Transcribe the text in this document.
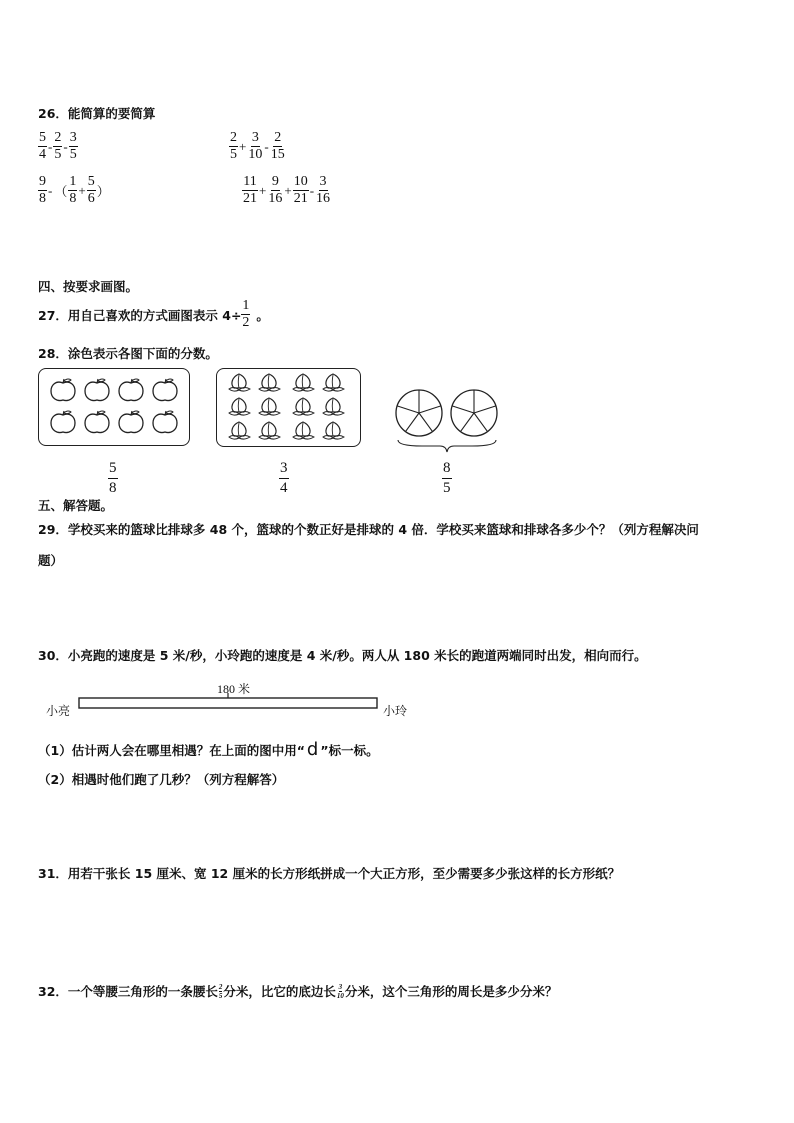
26．能简算的要简算
$\frac{5}{4} - \frac{2}{5} - \frac{3}{5}$	$\frac{2}{5} + \frac{3}{10} - \frac{2}{15}$
$\frac{9}{8}$ - （ $\frac{1}{8} + \frac{5}{6}$ ）	$\frac{11}{21} + \frac{9}{16} + \frac{10}{21} - \frac{3}{16}$
四、按要求画图。
27．用自己喜欢的方式画图表示 $4\div \frac{1}{2}$ 。
28．涂色表示各图下面的分数。
$\frac{5}{8}$	$\frac{3}{4}$	$\frac{8}{5}$
五、解答题。
29．学校买来的篮球比排球多 48 个，篮球的个数正好是排球的 4 倍．学校买来篮球和排球各多少个？（列方程解决问
题）
30．小亮跑的速度是 5 米/秒，小玲跑的速度是 4 米/秒。两人从 180 米长的跑道两端同时出发，相向而行。
180 米
小亮	小玲
（1）估计两人会在哪里相遇？在上面的图中用“ d ”标一标。
（2）相遇时他们跑了几秒？（列方程解答）
31．用若干张长 15 厘米、宽 12 厘米的长方形纸拼成一个大正方形，至少需要多少张这样的长方形纸？
32．一个等腰三角形的一条腰长 $\frac{2}{5}$ 分米，比它的底边长 $\frac{3}{10}$ 分米，这个三角形的周长是多少分米？
